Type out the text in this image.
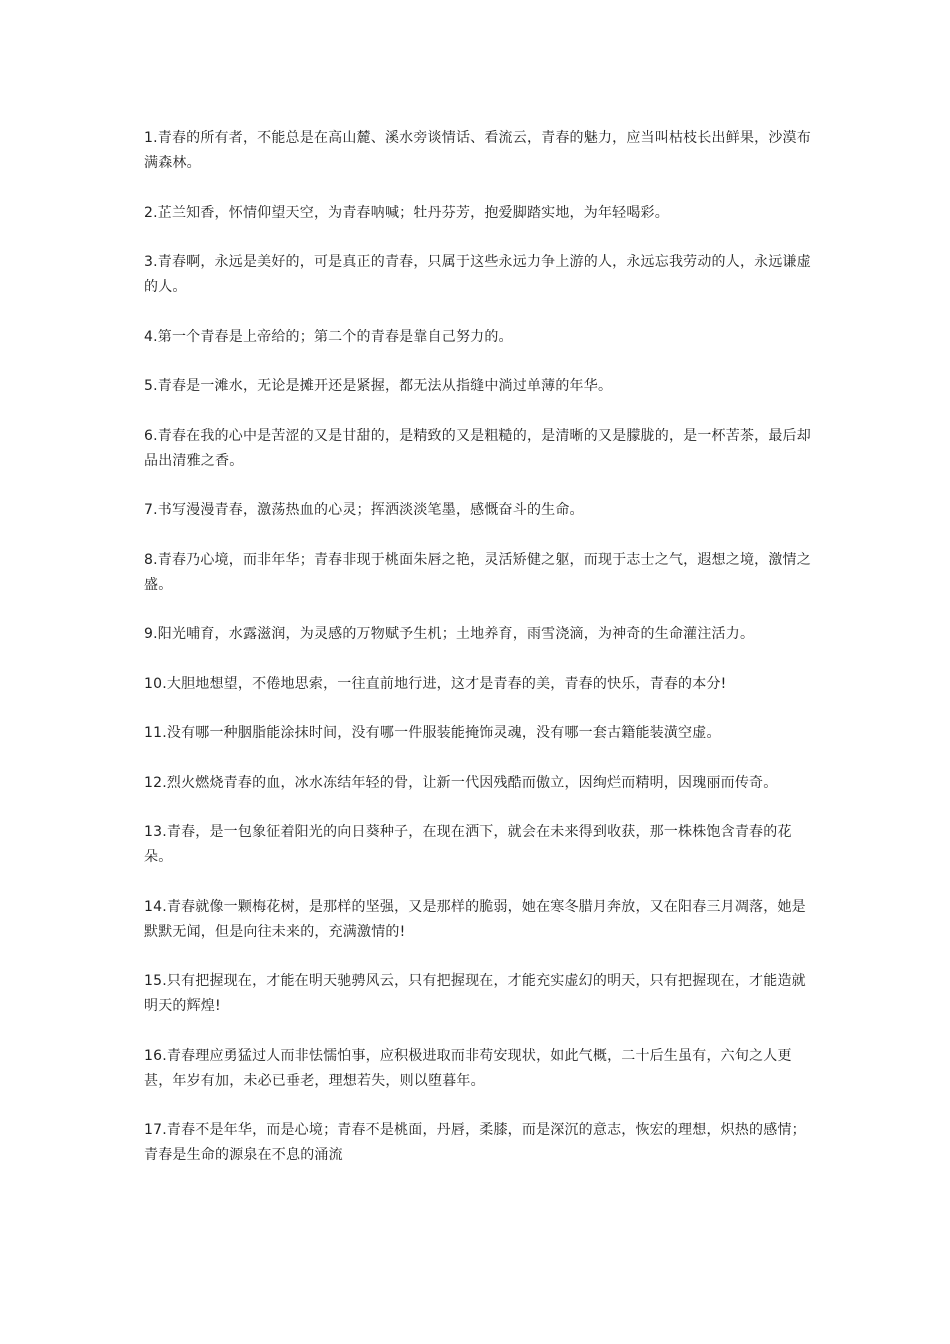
1.青春的所有者，不能总是在高山麓、溪水旁谈情话、看流云，青春的魅力，应当叫枯枝长出鲜果，沙漠布满森林。

2.芷兰知香，怀情仰望天空，为青春呐喊；牡丹芬芳，抱爱脚踏实地，为年轻喝彩。

3.青春啊，永远是美好的，可是真正的青春，只属于这些永远力争上游的人，永远忘我劳动的人，永远谦虚的人。

4.第一个青春是上帝给的；第二个的青春是靠自己努力的。

5.青春是一滩水，无论是摊开还是紧握，都无法从指缝中淌过单薄的年华。

6.青春在我的心中是苦涩的又是甘甜的，是精致的又是粗糙的，是清晰的又是朦胧的，是一杯苦茶，最后却品出清雅之香。

7.书写漫漫青春，激荡热血的心灵；挥洒淡淡笔墨，感慨奋斗的生命。

8.青春乃心境，而非年华；青春非现于桃面朱唇之艳，灵活矫健之躯，而现于志士之气，遐想之境，激情之盛。

9.阳光哺育，水露滋润，为灵感的万物赋予生机；土地养育，雨雪浇滴，为神奇的生命灌注活力。

10.大胆地想望，不倦地思索，一往直前地行进，这才是青春的美，青春的快乐，青春的本分!

11.没有哪一种胭脂能涂抹时间，没有哪一件服装能掩饰灵魂，没有哪一套古籍能装潢空虚。

12.烈火燃烧青春的血，冰水冻结年轻的骨，让新一代因残酷而傲立，因绚烂而精明，因瑰丽而传奇。

13.青春，是一包象征着阳光的向日葵种子，在现在洒下，就会在未来得到收获，那一株株饱含青春的花朵。

14.青春就像一颗梅花树，是那样的坚强，又是那样的脆弱，她在寒冬腊月奔放，又在阳春三月凋落，她是默默无闻，但是向往未来的，充满激情的!

15.只有把握现在，才能在明天驰骋风云，只有把握现在，才能充实虚幻的明天，只有把握现在，才能造就明天的辉煌!

16.青春理应勇猛过人而非怯懦怕事，应积极进取而非苟安现状，如此气概，二十后生虽有，六旬之人更甚，年岁有加，未必已垂老，理想若失，则以堕暮年。

17.青春不是年华，而是心境；青春不是桃面，丹唇，柔膝，而是深沉的意志，恢宏的理想，炽热的感情；青春是生命的源泉在不息的涌流
